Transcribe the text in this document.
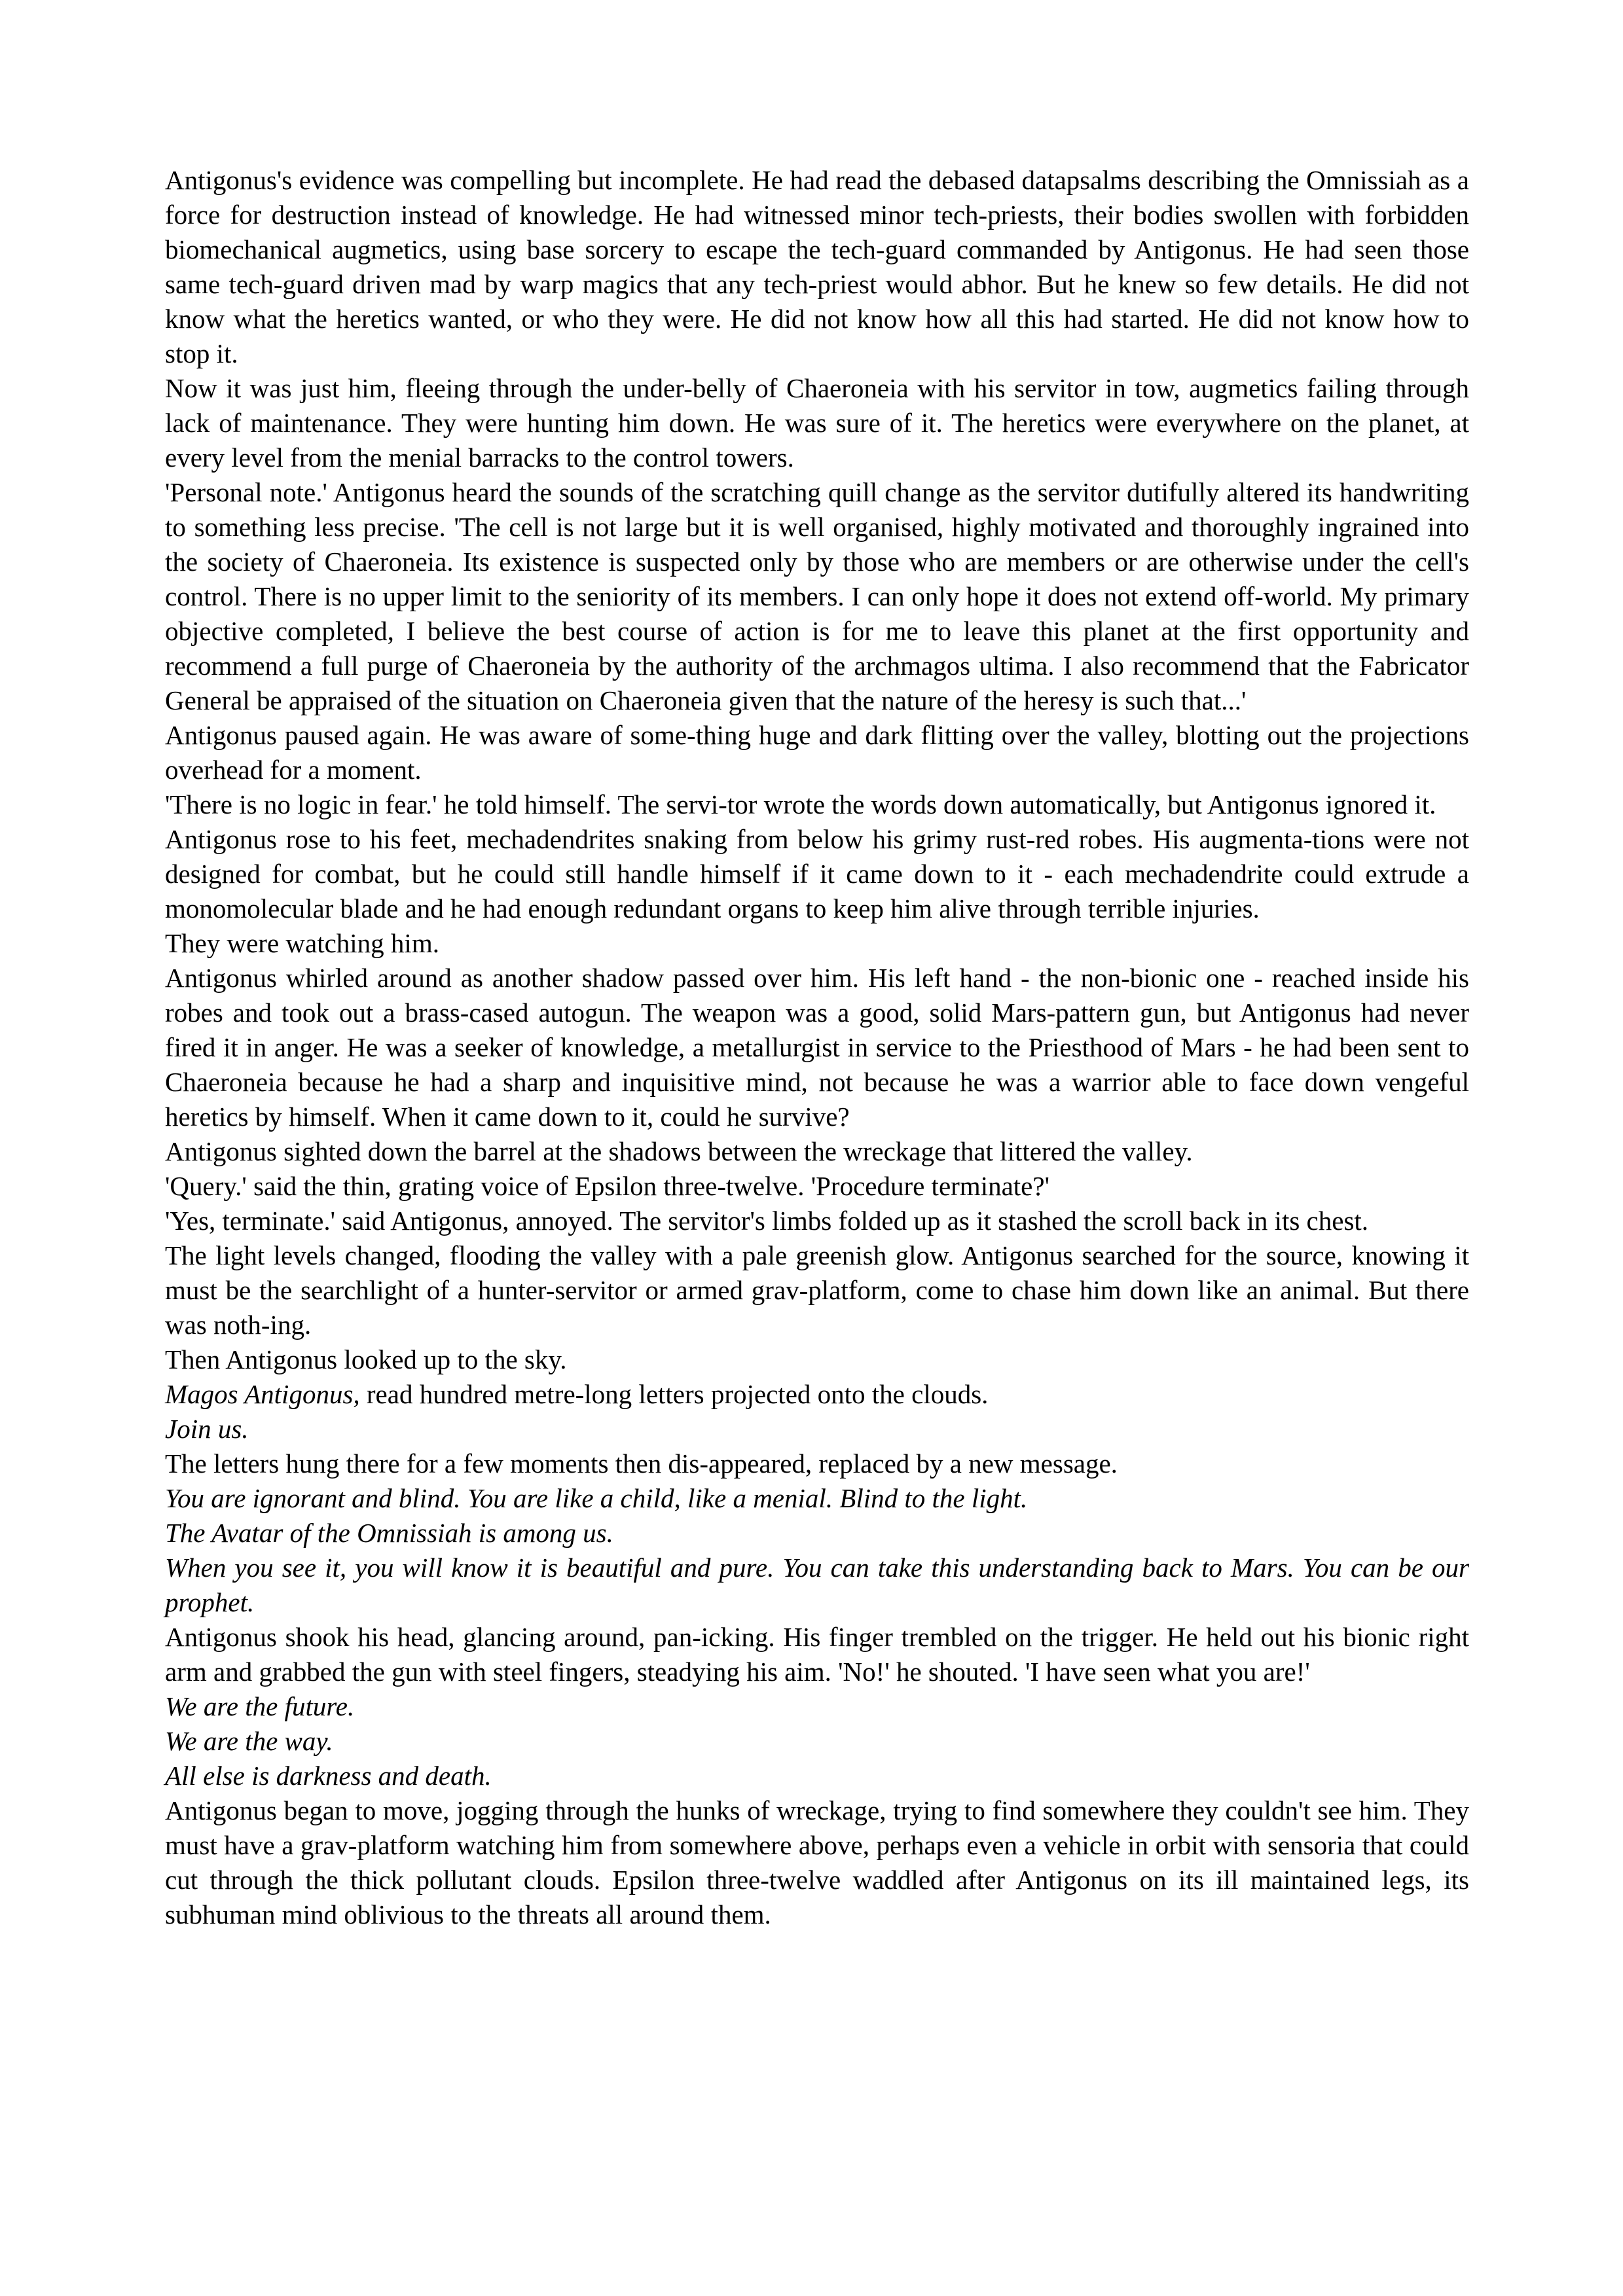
Antigonus's evidence was compelling but incomplete. He had read the debased datapsalms describing the Omnissiah as a force for destruction instead of knowledge. He had witnessed minor tech-priests, their bodies swollen with forbidden biomechanical augmetics, using base sorcery to escape the tech-guard commanded by Antigonus. He had seen those same tech-guard driven mad by warp magics that any tech-priest would abhor. But he knew so few details. He did not know what the heretics wanted, or who they were. He did not know how all this had started. He did not know how to stop it.

Now it was just him, fleeing through the under-belly of Chaeroneia with his servitor in tow, augmetics failing through lack of maintenance. They were hunting him down. He was sure of it. The heretics were everywhere on the planet, at every level from the menial barracks to the control towers.

'Personal note.' Antigonus heard the sounds of the scratching quill change as the servitor dutifully altered its handwriting to something less precise. 'The cell is not large but it is well organised, highly motivated and thoroughly ingrained into the society of Chaeroneia. Its existence is suspected only by those who are members or are otherwise under the cell's control. There is no upper limit to the seniority of its members. I can only hope it does not extend off-world. My primary objective completed, I believe the best course of action is for me to leave this planet at the first opportunity and recommend a full purge of Chaeroneia by the authority of the archmagos ultima. I also recommend that the Fabricator General be appraised of the situation on Chaeroneia given that the nature of the heresy is such that...'

Antigonus paused again. He was aware of some-thing huge and dark flitting over the valley, blotting out the projections overhead for a moment.

'There is no logic in fear.' he told himself. The servi-tor wrote the words down automatically, but Antigonus ignored it.

Antigonus rose to his feet, mechadendrites snaking from below his grimy rust-red robes. His augmenta-tions were not designed for combat, but he could still handle himself if it came down to it - each mechadendrite could extrude a monomolecular blade and he had enough redundant organs to keep him alive through terrible injuries.

They were watching him.

Antigonus whirled around as another shadow passed over him. His left hand - the non-bionic one - reached inside his robes and took out a brass-cased autogun. The weapon was a good, solid Mars-pattern gun, but Antigonus had never fired it in anger. He was a seeker of knowledge, a metallurgist in service to the Priesthood of Mars - he had been sent to Chaeroneia because he had a sharp and inquisitive mind, not because he was a warrior able to face down vengeful heretics by himself. When it came down to it, could he survive?

Antigonus sighted down the barrel at the shadows between the wreckage that littered the valley.

'Query.' said the thin, grating voice of Epsilon three-twelve. 'Procedure terminate?'

'Yes, terminate.' said Antigonus, annoyed. The servitor's limbs folded up as it stashed the scroll back in its chest.

The light levels changed, flooding the valley with a pale greenish glow. Antigonus searched for the source, knowing it must be the searchlight of a hunter-servitor or armed grav-platform, come to chase him down like an animal. But there was noth-ing.

Then Antigonus looked up to the sky.

Magos Antigonus, read hundred metre-long letters projected onto the clouds.

Join us.

The letters hung there for a few moments then dis-appeared, replaced by a new message.

You are ignorant and blind. You are like a child, like a menial. Blind to the light.

The Avatar of the Omnissiah is among us.

When you see it, you will know it is beautiful and pure. You can take this understanding back to Mars. You can be our prophet.

Antigonus shook his head, glancing around, pan-icking. His finger trembled on the trigger. He held out his bionic right arm and grabbed the gun with steel fingers, steadying his aim. 'No!' he shouted. 'I have seen what you are!'

We are the future.

We are the way.

All else is darkness and death.

Antigonus began to move, jogging through the hunks of wreckage, trying to find somewhere they couldn't see him. They must have a grav-platform watching him from somewhere above, perhaps even a vehicle in orbit with sensoria that could cut through the thick pollutant clouds. Epsilon three-twelve waddled after Antigonus on its ill maintained legs, its subhuman mind oblivious to the threats all around them.
